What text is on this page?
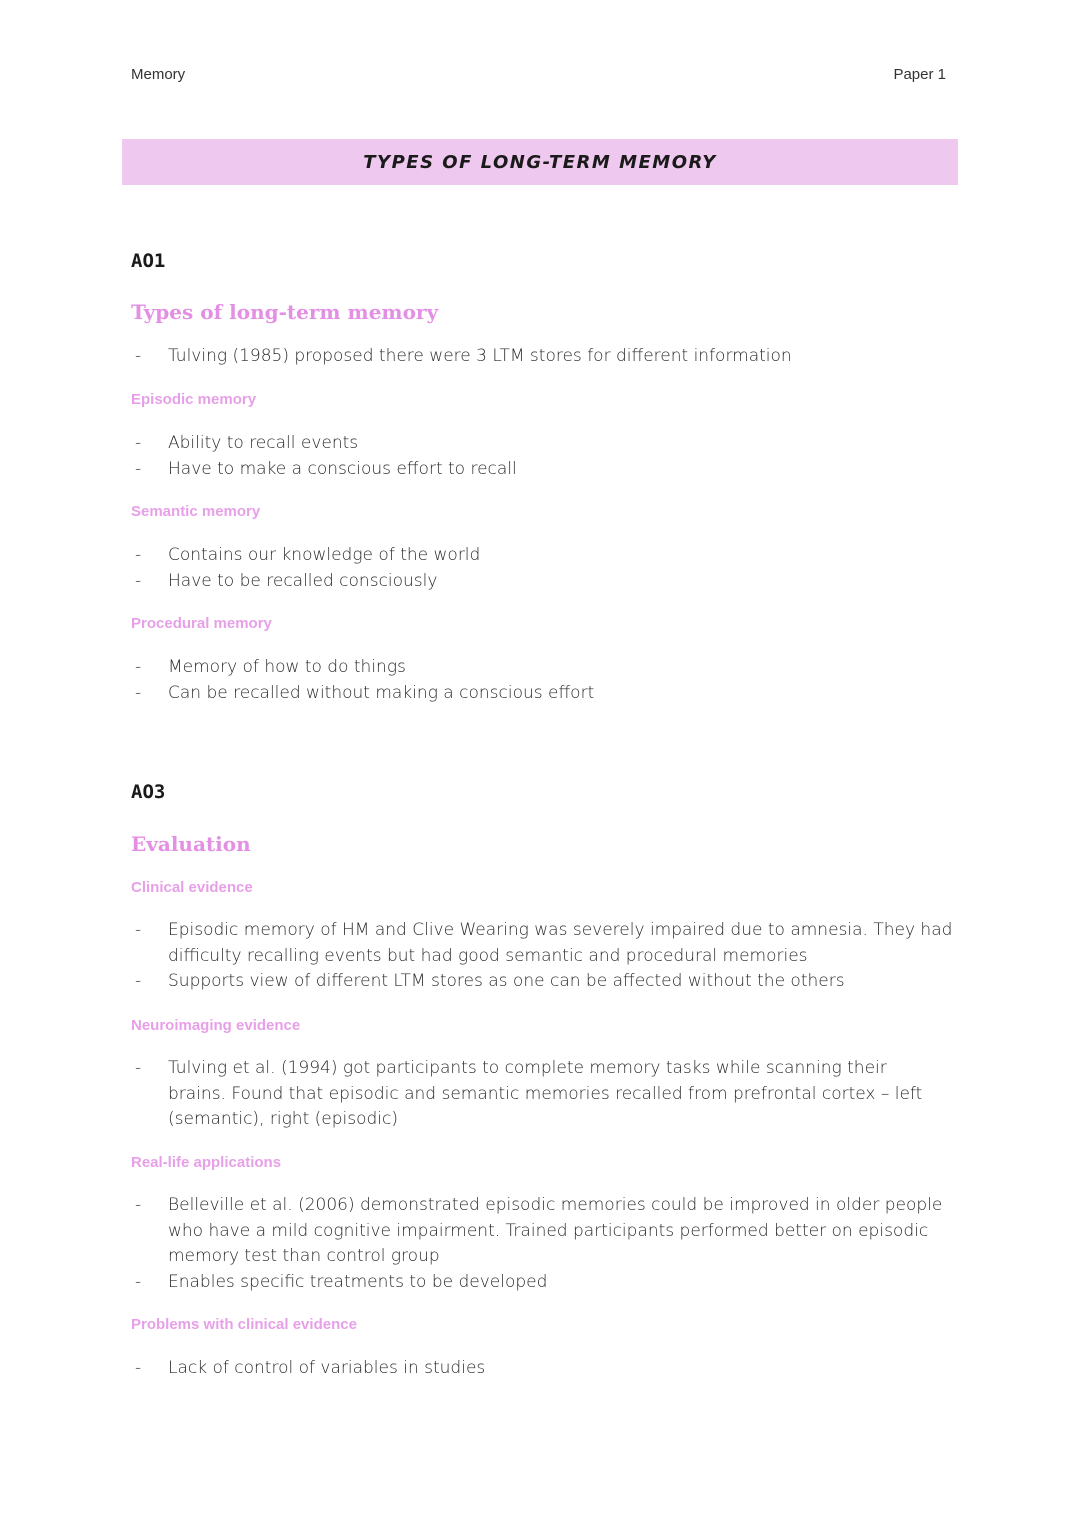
Memory	Paper 1
TYPES OF LONG-TERM MEMORY
AO1
Types of long-term memory
- Tulving (1985) proposed there were 3 LTM stores for different information
Episodic memory
- Ability to recall events
- Have to make a conscious effort to recall
Semantic memory
- Contains our knowledge of the world
- Have to be recalled consciously
Procedural memory
- Memory of how to do things
- Can be recalled without making a conscious effort
AO3
Evaluation
Clinical evidence
- Episodic memory of HM and Clive Wearing was severely impaired due to amnesia. They had difficulty recalling events but had good semantic and procedural memories
- Supports view of different LTM stores as one can be affected without the others
Neuroimaging evidence
- Tulving et al. (1994) got participants to complete memory tasks while scanning their brains. Found that episodic and semantic memories recalled from prefrontal cortex – left (semantic), right (episodic)
Real-life applications
- Belleville et al. (2006) demonstrated episodic memories could be improved in older people who have a mild cognitive impairment. Trained participants performed better on episodic memory test than control group
- Enables specific treatments to be developed
Problems with clinical evidence
- Lack of control of variables in studies
